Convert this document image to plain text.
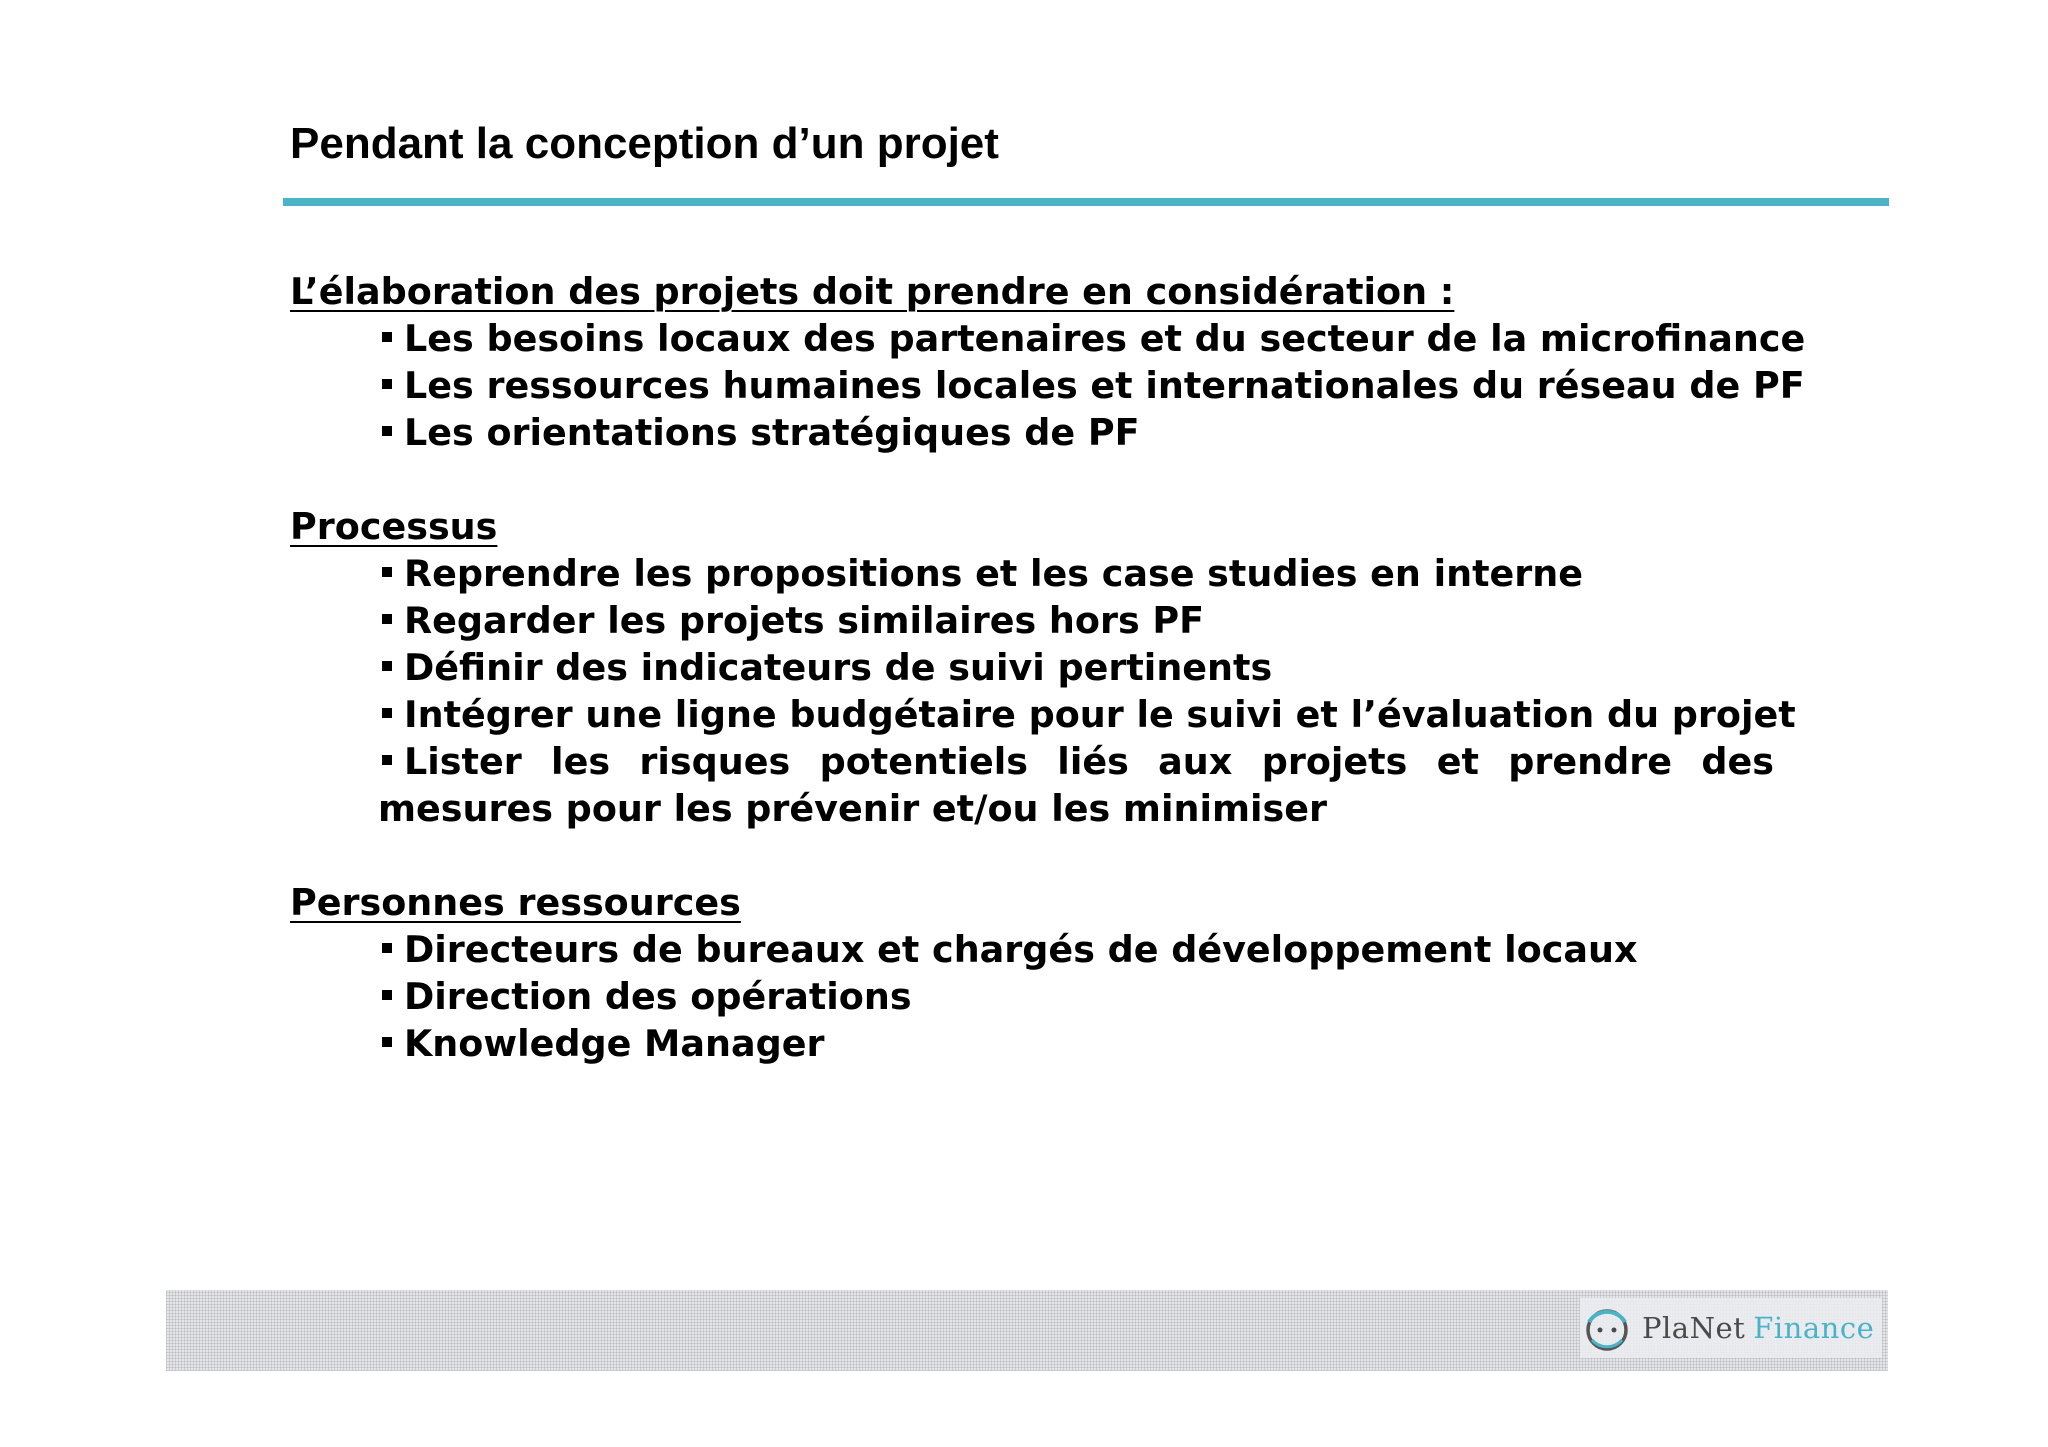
Pendant la conception d’un projet

L’élaboration des projets doit prendre en considération :

Les besoins locaux des partenaires et du secteur de la microfinance
Les ressources humaines locales et internationales du réseau de PF
Les orientations stratégiques de PF

Processus

Reprendre les propositions et les case studies en interne
Regarder les projets similaires hors PF
Définir des indicateurs de suivi pertinents
Intégrer une ligne budgétaire pour le suivi et l’évaluation du projet
Lister les risques potentiels liés aux projets et prendre des mesures pour les prévenir et/ou les minimiser

Personnes ressources

Directeurs de bureaux et chargés de développement locaux
Direction des opérations
Knowledge Manager
PlaNet Finance
